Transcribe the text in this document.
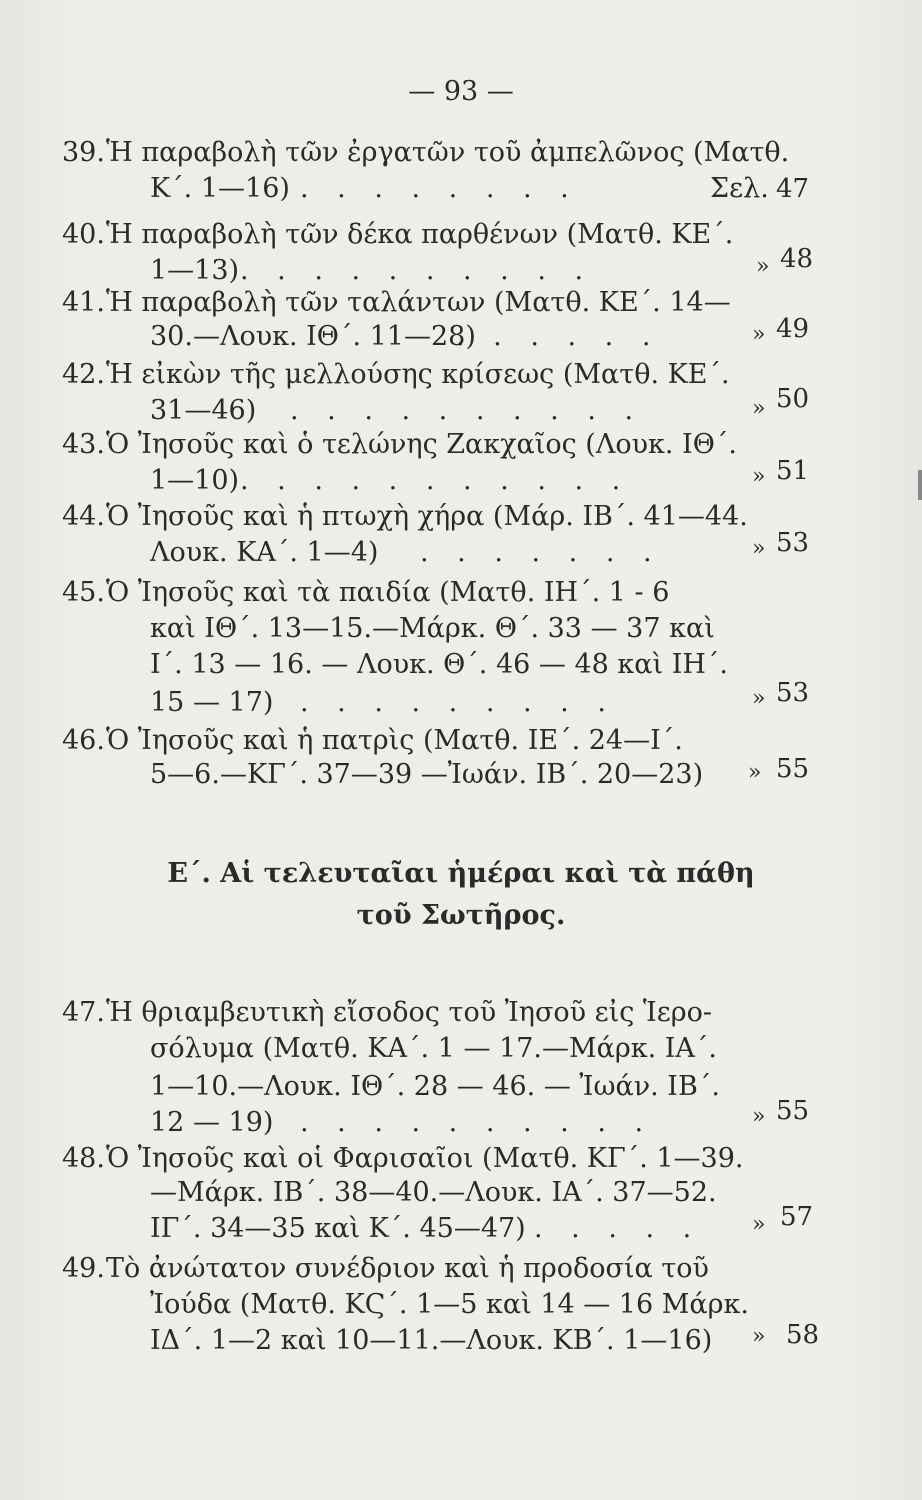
— 93 —
39. Ἡ παραβολὴ τῶν ἐργατῶν τοῦ ἀμπελῶνος (Ματθ.
Κ΄. 1—16) . . . . . . . .	Σελ. 47
40. Ἡ παραβολὴ τῶν δέκα παρθένων (Ματθ. ΚΕ΄.
1—13) . . . . . . . . . .	» 48
41. Ἡ παραβολὴ τῶν ταλάντων (Ματθ. ΚΕ΄. 14—
30.—Λουκ. ΙΘ΄. 11—28)
. . . . . .	» 49
42. Ἡ εἰκὼν τῆς μελλούσης κρίσεως (Ματθ. ΚΕ΄.
31—46) . . . . . . . . . .	» 50
43. Ὁ Ἰησοῦς καὶ ὁ τελώνης Ζακχαῖος (Λουκ. ΙΘ΄.
1—10) . . . . . . . . . . .	» 51
44. Ὁ Ἰησοῦς καὶ ἡ πτωχὴ χήρα (Μάρ. ΙΒ΄. 41—44.
Λουκ. ΚΑ΄. 1—4) . . . . . . .	» 53
45. Ὁ Ἰησοῦς καὶ τὰ παιδία (Ματθ. ΙΗ΄. 1 - 6
καὶ ΙΘ΄. 13—15.—Μάρκ. Θ΄. 33 — 37 καὶ
Ι΄. 13 — 16. — Λουκ. Θ΄. 46 — 48 καὶ ΙΗ΄.
15 — 17) . . . . . . . . .	» 53
46. Ὁ Ἰησοῦς καὶ ἡ πατρὶς (Ματθ. ΙΕ΄. 24—Ι΄.
5—6.—ΚΓ΄. 37—39 —Ἰωάν. ΙΒ΄. 20—23) » 55
Ε΄. Αἱ τελευταῖαι ἡμέραι καὶ τὰ πάθη
τοῦ Σωτῆρος.
47. Ἡ θριαμβευτικὴ εἴσοδος τοῦ Ἰησοῦ εἰς Ἱερο-
σόλυμα (Ματθ. ΚΑ΄. 1 — 17.—Μάρκ. ΙΑ΄.
1—10.—Λουκ. ΙΘ΄. 28 — 46. — Ἰωάν. ΙΒ΄.
12 — 19) . . . . . . . . . .	» 55
48. Ὁ Ἰησοῦς καὶ οἱ Φαρισαῖοι (Ματθ. ΚΓ΄. 1—39.
—Μάρκ. ΙΒ΄. 38—40.—Λουκ. ΙΑ΄. 37—52.
ΙΓ΄. 34—35 καὶ Κ΄. 45—47) . . . . . » 57
49. Τὸ ἀνώτατον συνέδριον καὶ ἡ προδοσία τοῦ
Ἰούδα (Ματθ. ΚϚ΄. 1—5 καὶ 14 — 16 Μάρκ.
ΙΔ΄. 1—2 καὶ 10—11.—Λουκ. ΚΒ΄. 1—16) » 58
